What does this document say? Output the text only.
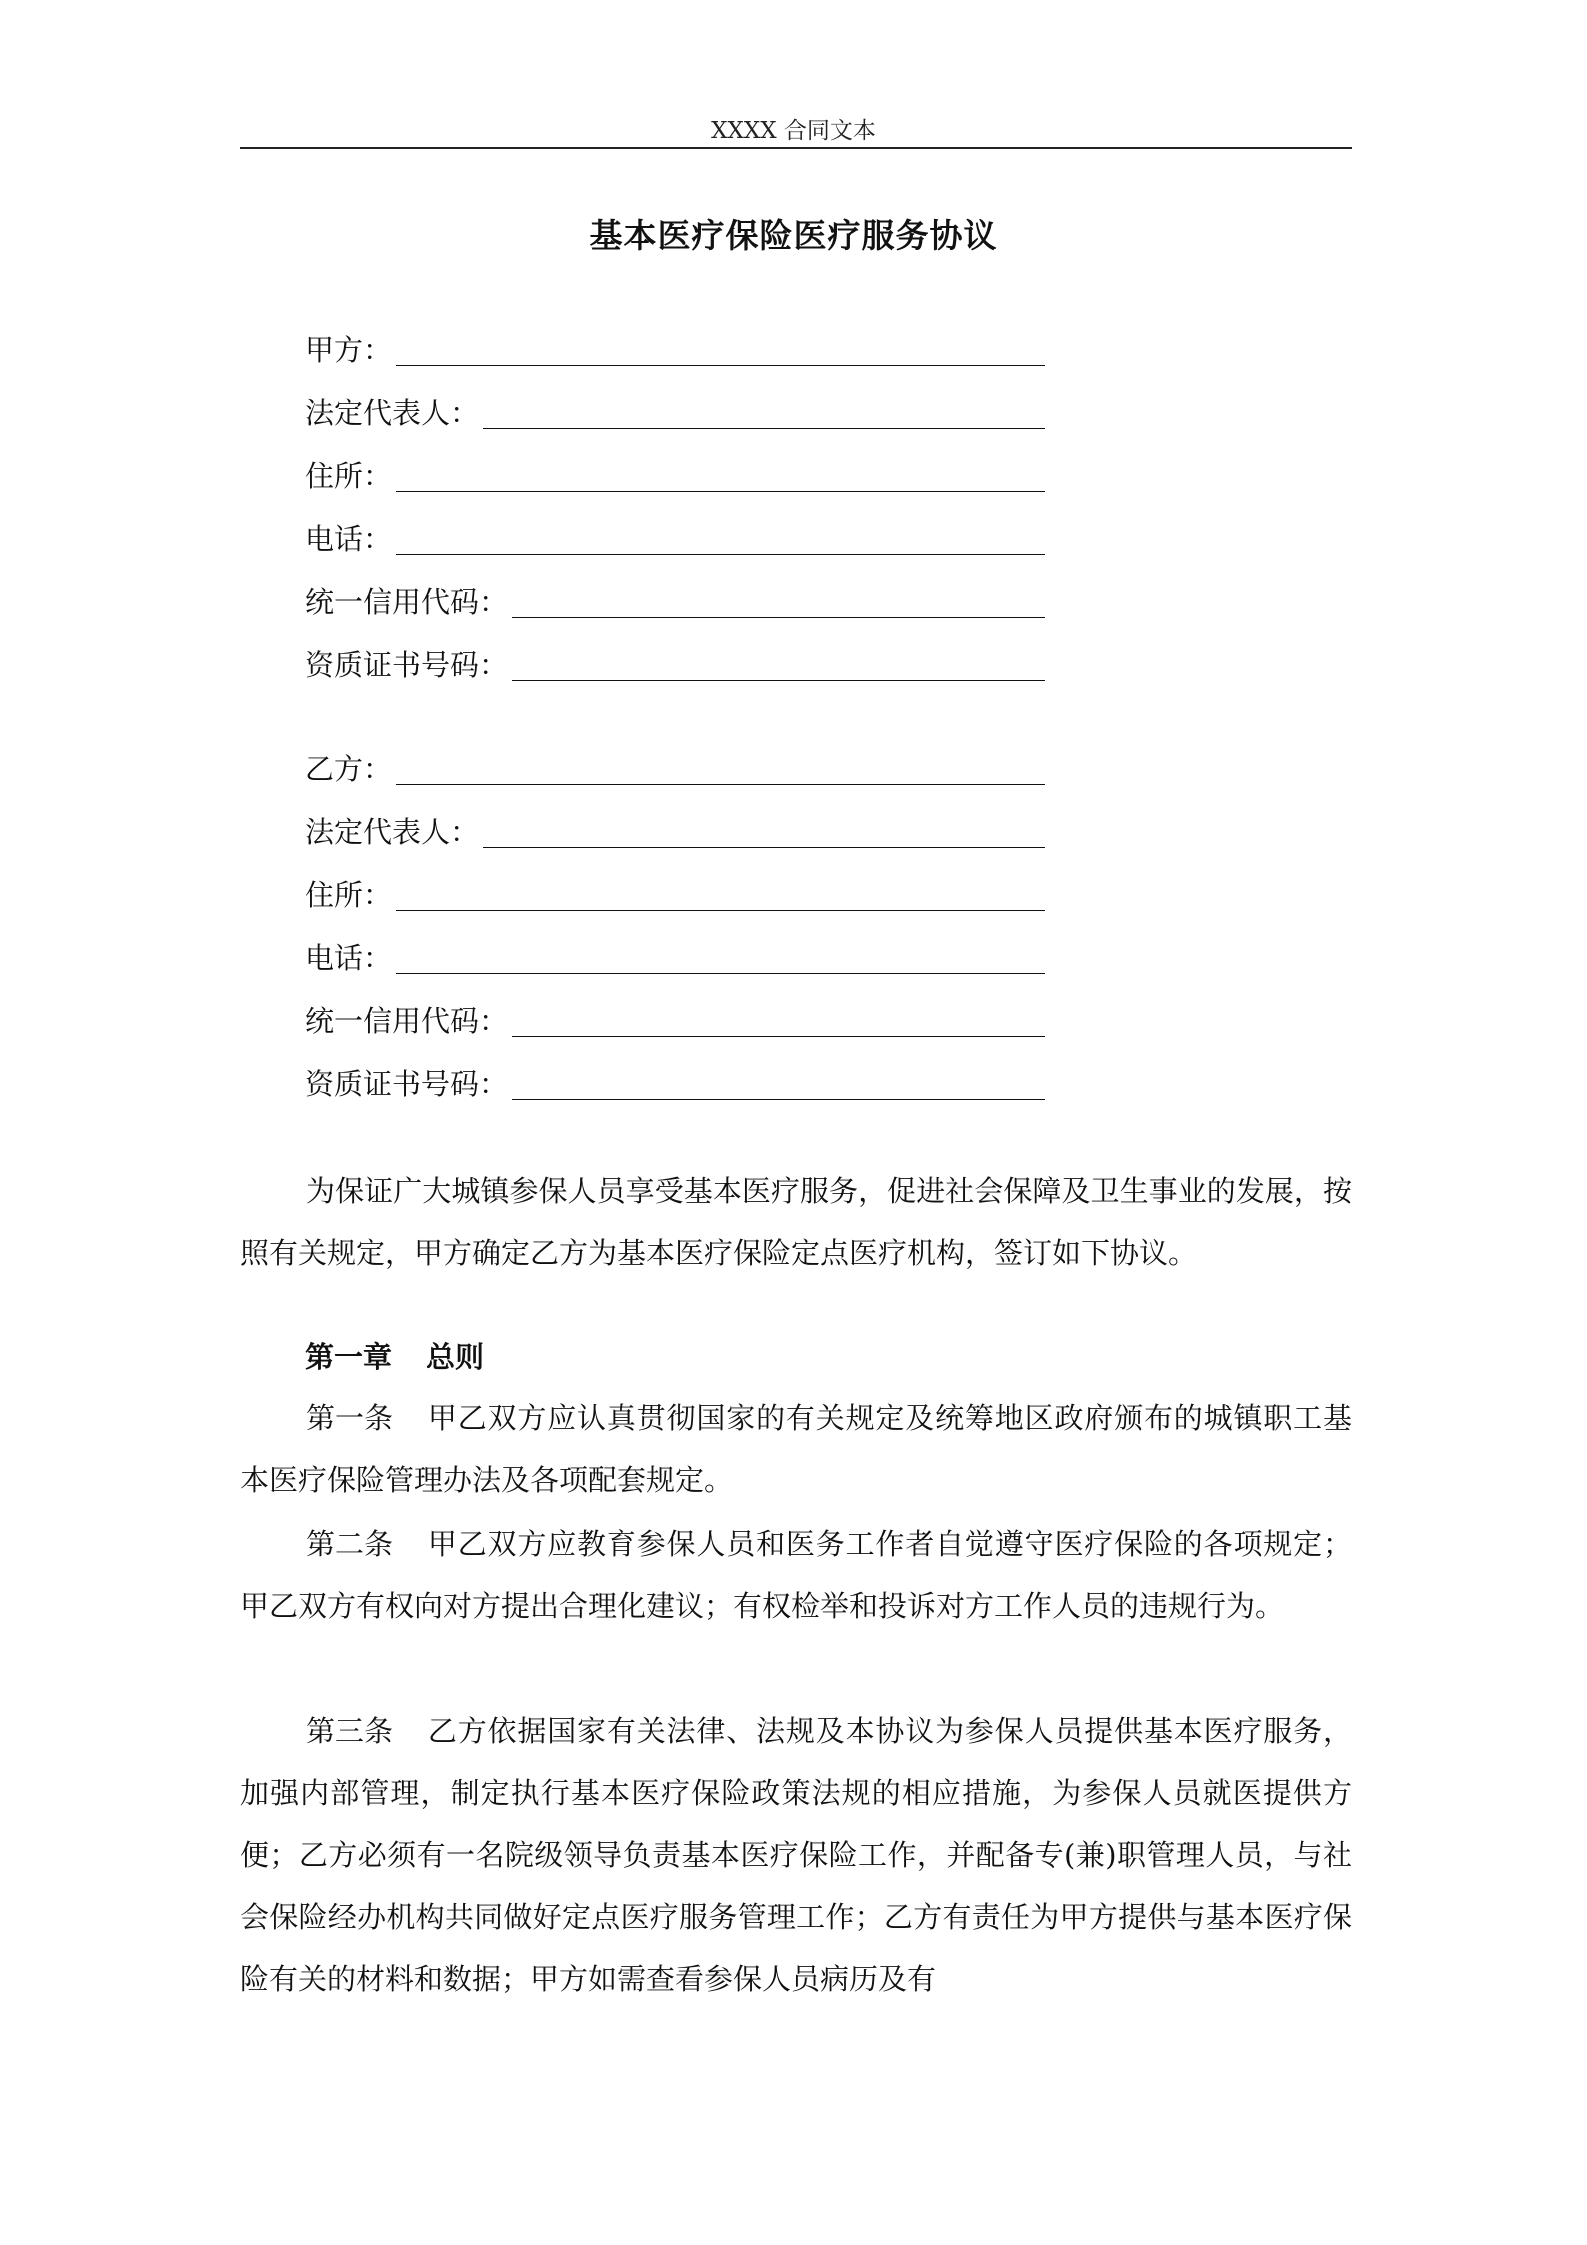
XXXX 合同文本
基本医疗保险医疗服务协议
甲方：
法定代表人：
住所：
电话：
统一信用代码：
资质证书号码：
乙方：
法定代表人：
住所：
电话：
统一信用代码：
资质证书号码：

为保证广大城镇参保人员享受基本医疗服务，促进社会保障及卫生事业的发展，按照有关规定，甲方确定乙方为基本医疗保险定点医疗机构，签订如下协议。

第一章 总则

第一条 甲乙双方应认真贯彻国家的有关规定及统筹地区政府颁布的城镇职工基本医疗保险管理办法及各项配套规定。

第二条 甲乙双方应教育参保人员和医务工作者自觉遵守医疗保险的各项规定；甲乙双方有权向对方提出合理化建议；有权检举和投诉对方工作人员的违规行为。

第三条 乙方依据国家有关法律、法规及本协议为参保人员提供基本医疗服务，加强内部管理，制定执行基本医疗保险政策法规的相应措施，为参保人员就医提供方便；乙方必须有一名院级领导负责基本医疗保险工作，并配备专(兼)职管理人员，与社会保险经办机构共同做好定点医疗服务管理工作；乙方有责任为甲方提供与基本医疗保险有关的材料和数据；甲方如需查看参保人员病历及有
